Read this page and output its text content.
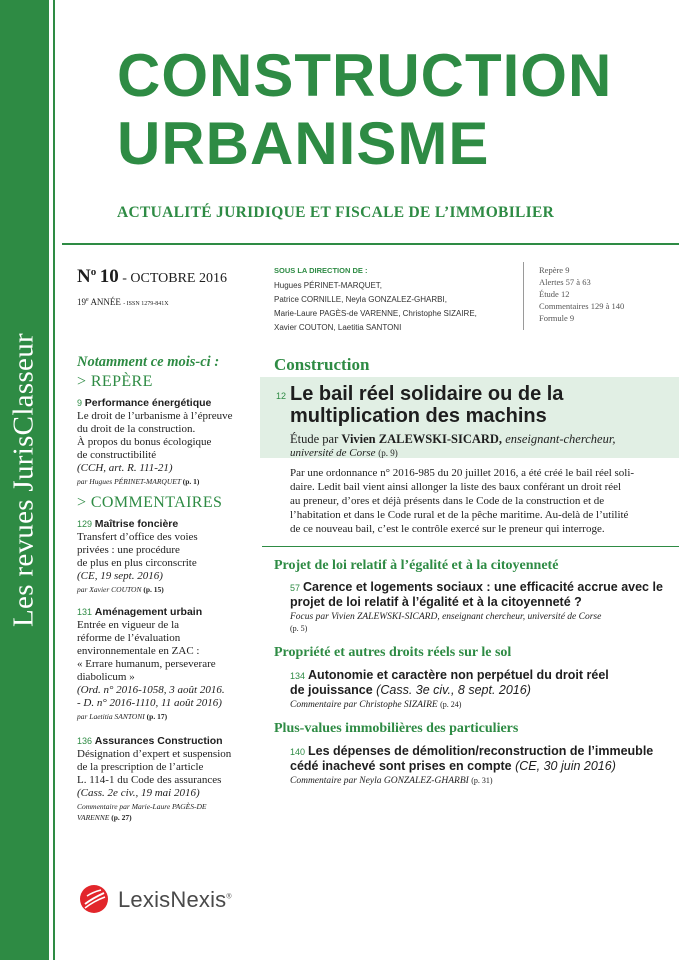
Les revues JurisClasseur
CONSTRUCTION
URBANISME
ACTUALITÉ JURIDIQUE ET FISCALE DE L’IMMOBILIER
$N^o$ 10 - OCTOBRE 2016
19e ANNÉE - ISSN 1279-841X
SOUS LA DIRECTION DE :
Hugues PÉRINET-MARQUET,
Patrice CORNILLE, Neyla GONZALEZ-GHARBI,
Marie-Laure PAGÈS-de VARENNE, Christophe SIZAIRE,
Xavier COUTON, Laetitia SANTONI
Repère 9
Alertes 57 à 63
Étude 12
Commentaires 129 à 140
Formule 9
Notamment ce mois-ci :
> REPÈRE
9 Performance énergétique
Le droit de l’urbanisme à l’épreuve
du droit de la construction.
À propos du bonus écologique
de constructibilité
(CCH, art. R. 111-21)
par Hugues PÉRINET-MARQUET (p. 1)
> COMMENTAIRES
129 Maîtrise foncière
Transfert d’office des voies
privées : une procédure
de plus en plus circonscrite
(CE, 19 sept. 2016)
par Xavier COUTON (p. 15)
131 Aménagement urbain
Entrée en vigueur de la
réforme de l’évaluation
environnementale en ZAC :
« Errare humanum, perseverare
diabolicum »
(Ord. n° 2016-1058, 3 août 2016.
- D. n° 2016-1110, 11 août 2016)
par Laetitia SANTONI (p. 17)
136 Assurances Construction
Désignation d’expert et suspension
de la prescription de l’article
L. 114-1 du Code des assurances
(Cass. 2e civ., 19 mai 2016)
Commentaire par Marie-Laure PAGÈS-DE
VARENNE (p. 27)
Construction
12 Le bail réel solidaire ou de la
multiplication des machins
Étude par Vivien ZALEWSKI-SICARD, enseignant-chercheur,
université de Corse (p. 9)
Par une ordonnance n° 2016-985 du 20 juillet 2016, a été créé le bail réel soli-
daire. Ledit bail vient ainsi allonger la liste des baux conférant un droit réel
au preneur, d’ores et déjà présents dans le Code de la construction et de
l’habitation et dans le Code rural et de la pêche maritime. Au-delà de l’utilité
de ce nouveau bail, c’est le contrôle exercé sur le preneur qui interroge.
Projet de loi relatif à l’égalité et à la citoyenneté
57 Carence et logements sociaux : une efficacité accrue avec le
projet de loi relatif à l’égalité et à la citoyenneté ?
Focus par Vivien ZALEWSKI-SICARD, enseignant chercheur, université de Corse
(p. 5)
Propriété et autres droits réels sur le sol
134 Autonomie et caractère non perpétuel du droit réel
de jouissance (Cass. 3e civ., 8 sept. 2016)
Commentaire par Christophe SIZAIRE (p. 24)
Plus-values immobilières des particuliers
140 Les dépenses de démolition/reconstruction de l’immeuble
cédé inachevé sont prises en compte (CE, 30 juin 2016)
Commentaire par Neyla GONZALEZ-GHARBI (p. 31)
LexisNexis®
